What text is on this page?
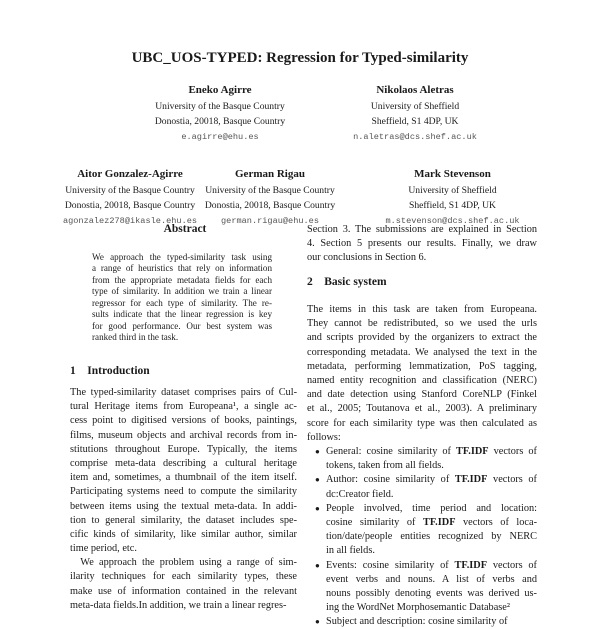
UBC_UOS-TYPED: Regression for Typed-similarity
Eneko Agirre
University of the Basque Country
Donostia, 20018, Basque Country
e.agirre@ehu.es
Nikolaos Aletras
University of Sheffield
Sheffield, S1 4DP, UK
n.aletras@dcs.shef.ac.uk
Aitor Gonzalez-Agirre
University of the Basque Country
Donostia, 20018, Basque Country
agonzalez278@ikasle.ehu.es
German Rigau
University of the Basque Country
Donostia, 20018, Basque Country
german.rigau@ehu.es
Mark Stevenson
University of Sheffield
Sheffield, S1 4DP, UK
m.stevenson@dcs.shef.ac.uk
Abstract
We approach the typed-similarity task using
a range of heuristics that rely on information
from the appropriate metadata fields for each
type of similarity. In addition we train a linear
regressor for each type of similarity. The re-
sults indicate that the linear regression is key
for good performance. Our best system was
ranked third in the task.
1 Introduction
The typed-similarity dataset comprises pairs of Cul-
tural Heritage items from Europeana¹, a single ac-
cess point to digitised versions of books, paintings,
films, museum objects and archival records from in-
stitutions throughout Europe. Typically, the items
comprise meta-data describing a cultural heritage
item and, sometimes, a thumbnail of the item itself.
Participating systems need to compute the similarity
between items using the textual meta-data. In addi-
tion to general similarity, the dataset includes spe-
cific kinds of similarity, like similar author, similar
time period, etc.
 We approach the problem using a range of sim-
ilarity techniques for each similarity types, these
make use of information contained in the relevant
meta-data fields.In addition, we train a linear regres-
Section 3. The submissions are explained in Section
4. Section 5 presents our results. Finally, we draw
our conclusions in Section 6.
2 Basic system
The items in this task are taken from Europeana.
They cannot be redistributed, so we used the urls
and scripts provided by the organizers to extract the
corresponding metadata. We analysed the text in the
metadata, performing lemmatization, PoS tagging,
named entity recognition and classification (NERC)
and date detection using Stanford CoreNLP (Finkel
et al., 2005; Toutanova et al., 2003). A preliminary
score for each similarity type was then calculated as
follows:
● General: cosine similarity of TF.IDF vectors of
tokens, taken from all fields.
● Author: cosine similarity of TF.IDF vectors of
dc:Creator field.
● People involved, time period and location:
cosine similarity of TF.IDF vectors of loca-
tion/date/people entities recognized by NERC
in all fields.
● Events: cosine similarity of TF.IDF vectors of
event verbs and nouns. A list of verbs and
nouns possibly denoting events was derived us-
ing the WordNet Morphosemantic Database²
● Subject and description: cosine similarity of
